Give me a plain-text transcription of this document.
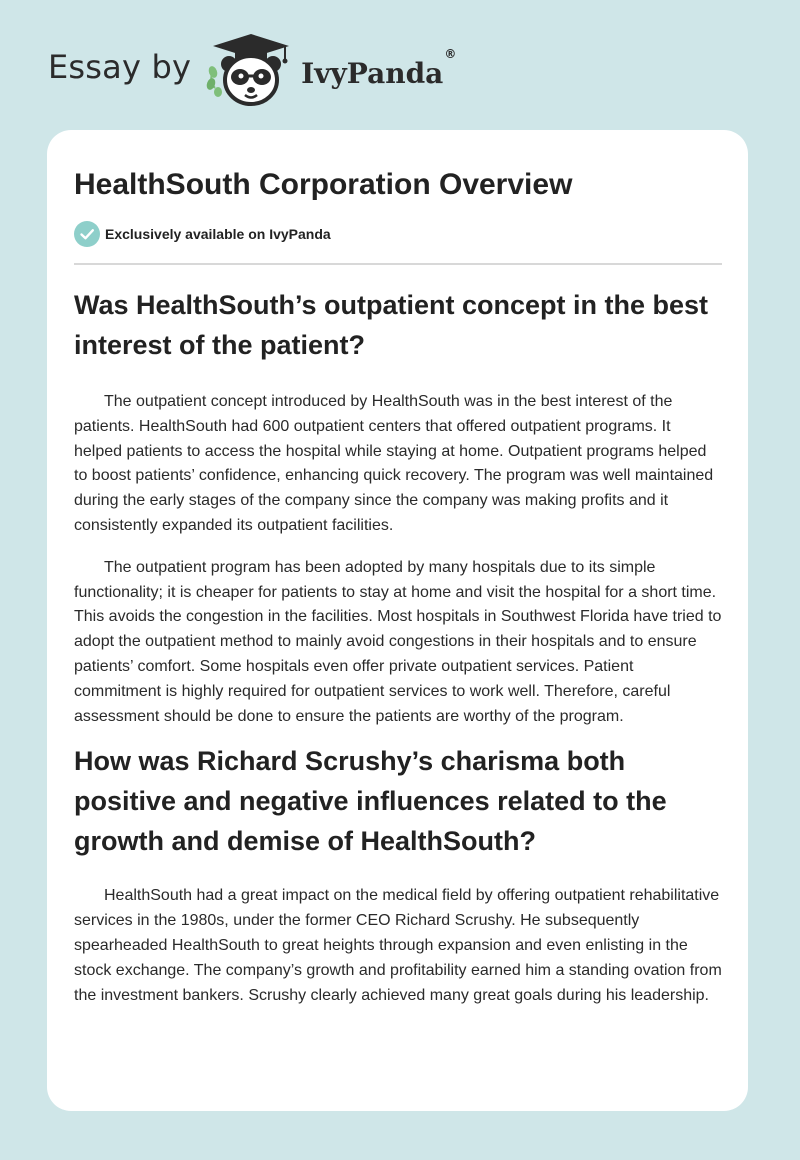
Essay by	IvyPanda®
HealthSouth Corporation Overview
Exclusively available on IvyPanda
Was HealthSouth’s outpatient concept in the best interest of the patient?

The outpatient concept introduced by HealthSouth was in the best interest of the patients. HealthSouth had 600 outpatient centers that offered outpatient programs. It helped patients to access the hospital while staying at home. Outpatient programs helped to boost patients’ confidence, enhancing quick recovery. The program was well maintained during the early stages of the company since the company was making profits and it consistently expanded its outpatient facilities.

The outpatient program has been adopted by many hospitals due to its simple functionality; it is cheaper for patients to stay at home and visit the hospital for a short time. This avoids the congestion in the facilities. Most hospitals in Southwest Florida have tried to adopt the outpatient method to mainly avoid congestions in their hospitals and to ensure patients’ comfort. Some hospitals even offer private outpatient services. Patient commitment is highly required for outpatient services to work well. Therefore, careful assessment should be done to ensure the patients are worthy of the program.

How was Richard Scrushy’s charisma both positive and negative influences related to the growth and demise of HealthSouth?

HealthSouth had a great impact on the medical field by offering outpatient rehabilitative services in the 1980s, under the former CEO Richard Scrushy. He subsequently spearheaded HealthSouth to great heights through expansion and even enlisting in the stock exchange. The company’s growth and profitability earned him a standing ovation from the investment bankers. Scrushy clearly achieved many great goals during his leadership.
